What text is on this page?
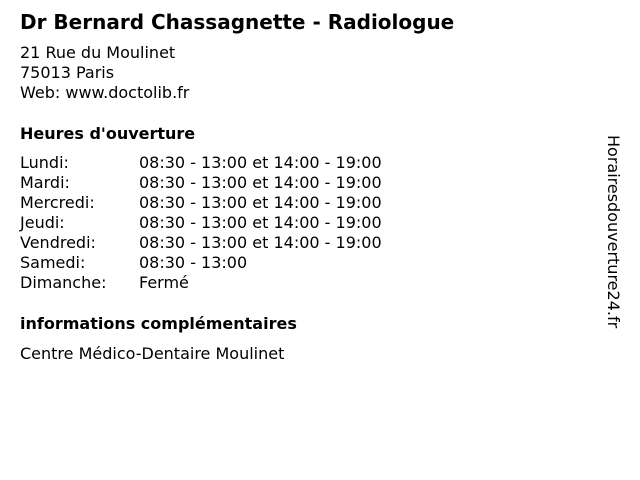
Dr Bernard Chassagnette - Radiologue
21 Rue du Moulinet
75013 Paris
Web: www.doctolib.fr
Heures d'ouverture
Lundi:	08:30 - 13:00 et 14:00 - 19:00
Mardi:	08:30 - 13:00 et 14:00 - 19:00
Mercredi:	08:30 - 13:00 et 14:00 - 19:00
Jeudi:	08:30 - 13:00 et 14:00 - 19:00
Vendredi:	08:30 - 13:00 et 14:00 - 19:00
Samedi:	08:30 - 13:00
Dimanche:	Fermé
informations complémentaires
Centre Médico-Dentaire Moulinet
Horairesdouverture24.fr
